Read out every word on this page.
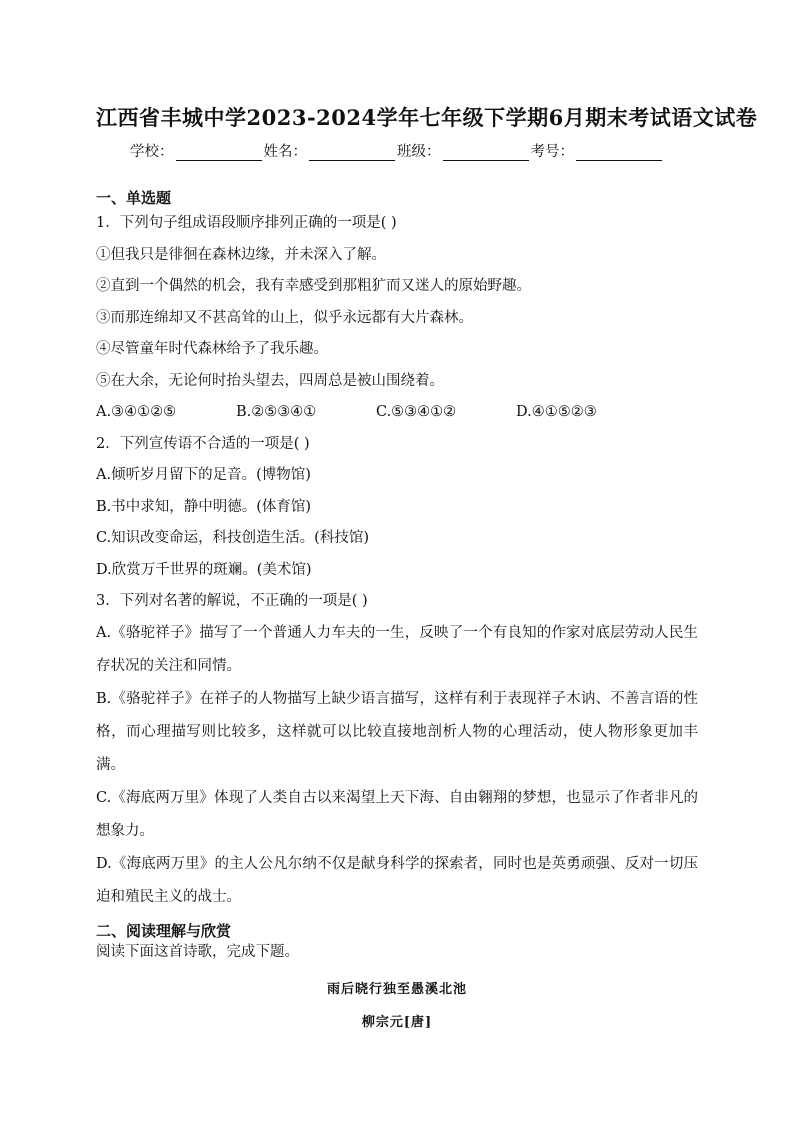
江西省丰城中学2023-2024学年七年级下学期6月期末考试语文试卷
学校：	姓名：	班级：	考号：
一、单选题
1．下列句子组成语段顺序排列正确的一项是( )
①但我只是徘徊在森林边缘，并未深入了解。
②直到一个偶然的机会，我有幸感受到那粗犷而又迷人的原始野趣。
③而那连绵却又不甚高耸的山上，似乎永远都有大片森林。
④尽管童年时代森林给予了我乐趣。
⑤在大余，无论何时抬头望去，四周总是被山围绕着。
A.③④①②⑤	B.②⑤③④①	C.⑤③④①②	D.④①⑤②③
2．下列宣传语不合适的一项是( )
A.倾听岁月留下的足音。(博物馆)
B.书中求知，静中明德。(体育馆)
C.知识改变命运，科技创造生活。(科技馆)
D.欣赏万千世界的斑斓。(美术馆)
3．下列对名著的解说，不正确的一项是( )

A.《骆驼祥子》描写了一个普通人力车夫的一生，反映了一个有良知的作家对底层劳动人民生存状况的关注和同情。

B.《骆驼祥子》在祥子的人物描写上缺少语言描写，这样有利于表现祥子木讷、不善言语的性格，而心理描写则比较多，这样就可以比较直接地剖析人物的心理活动，使人物形象更加丰满。

C.《海底两万里》体现了人类自古以来渴望上天下海、自由翱翔的梦想，也显示了作者非凡的想象力。

D.《海底两万里》的主人公凡尔纳不仅是献身科学的探索者，同时也是英勇顽强、反对一切压迫和殖民主义的战士。

二、阅读理解与欣赏

阅读下面这首诗歌，完成下题。

雨后晓行独至愚溪北池
柳宗元[唐]
